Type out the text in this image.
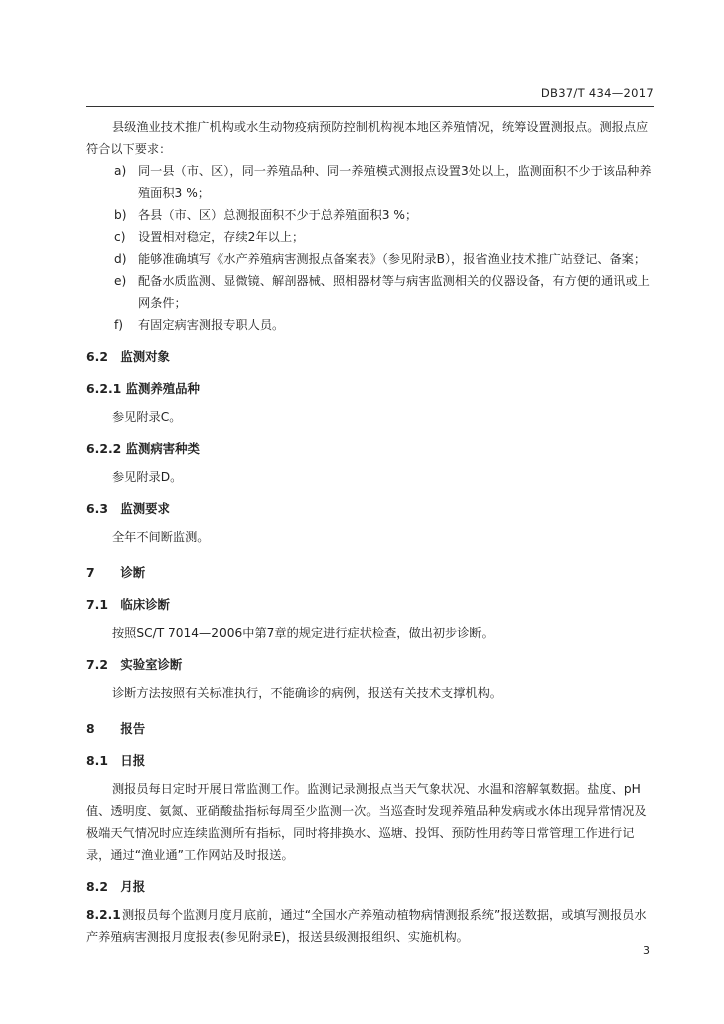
DB37/T 434—2017

县级渔业技术推广机构或水生动物疫病预防控制机构视本地区养殖情况，统筹设置测报点。测报点应符合以下要求：

a) 同一县（市、区），同一养殖品种、同一养殖模式测报点设置3处以上，监测面积不少于该品种养殖面积3 %；
b) 各县（市、区）总测报面积不少于总养殖面积3 %；
c) 设置相对稳定，存续2年以上；
d) 能够准确填写《水产养殖病害测报点备案表》（参见附录B），报省渔业技术推广站登记、备案；
e) 配备水质监测、显微镜、解剖器械、照相器材等与病害监测相关的仪器设备，有方便的通讯或上网条件；
f) 有固定病害测报专职人员。
6.2 监测对象
6.2.1 监测养殖品种

参见附录C。

6.2.2 监测病害种类

参见附录D。

6.3 监测要求

全年不间断监测。

7 诊断
7.1 临床诊断

按照SC/T 7014—2006中第7章的规定进行症状检查，做出初步诊断。

7.2 实验室诊断

诊断方法按照有关标准执行，不能确诊的病例，报送有关技术支撑机构。

8 报告
8.1 日报

测报员每日定时开展日常监测工作。监测记录测报点当天气象状况、水温和溶解氧数据。盐度、pH值、透明度、氨氮、亚硝酸盐指标每周至少监测一次。当巡查时发现养殖品种发病或水体出现异常情况及极端天气情况时应连续监测所有指标，同时将排换水、巡塘、投饵、预防性用药等日常管理工作进行记录，通过“渔业通”工作网站及时报送。

8.2 月报

8.2.1测报员每个监测月度月底前，通过“全国水产养殖动植物病情测报系统”报送数据，或填写测报员水产养殖病害测报月度报表(参见附录E)，报送县级测报组织、实施机构。

3
